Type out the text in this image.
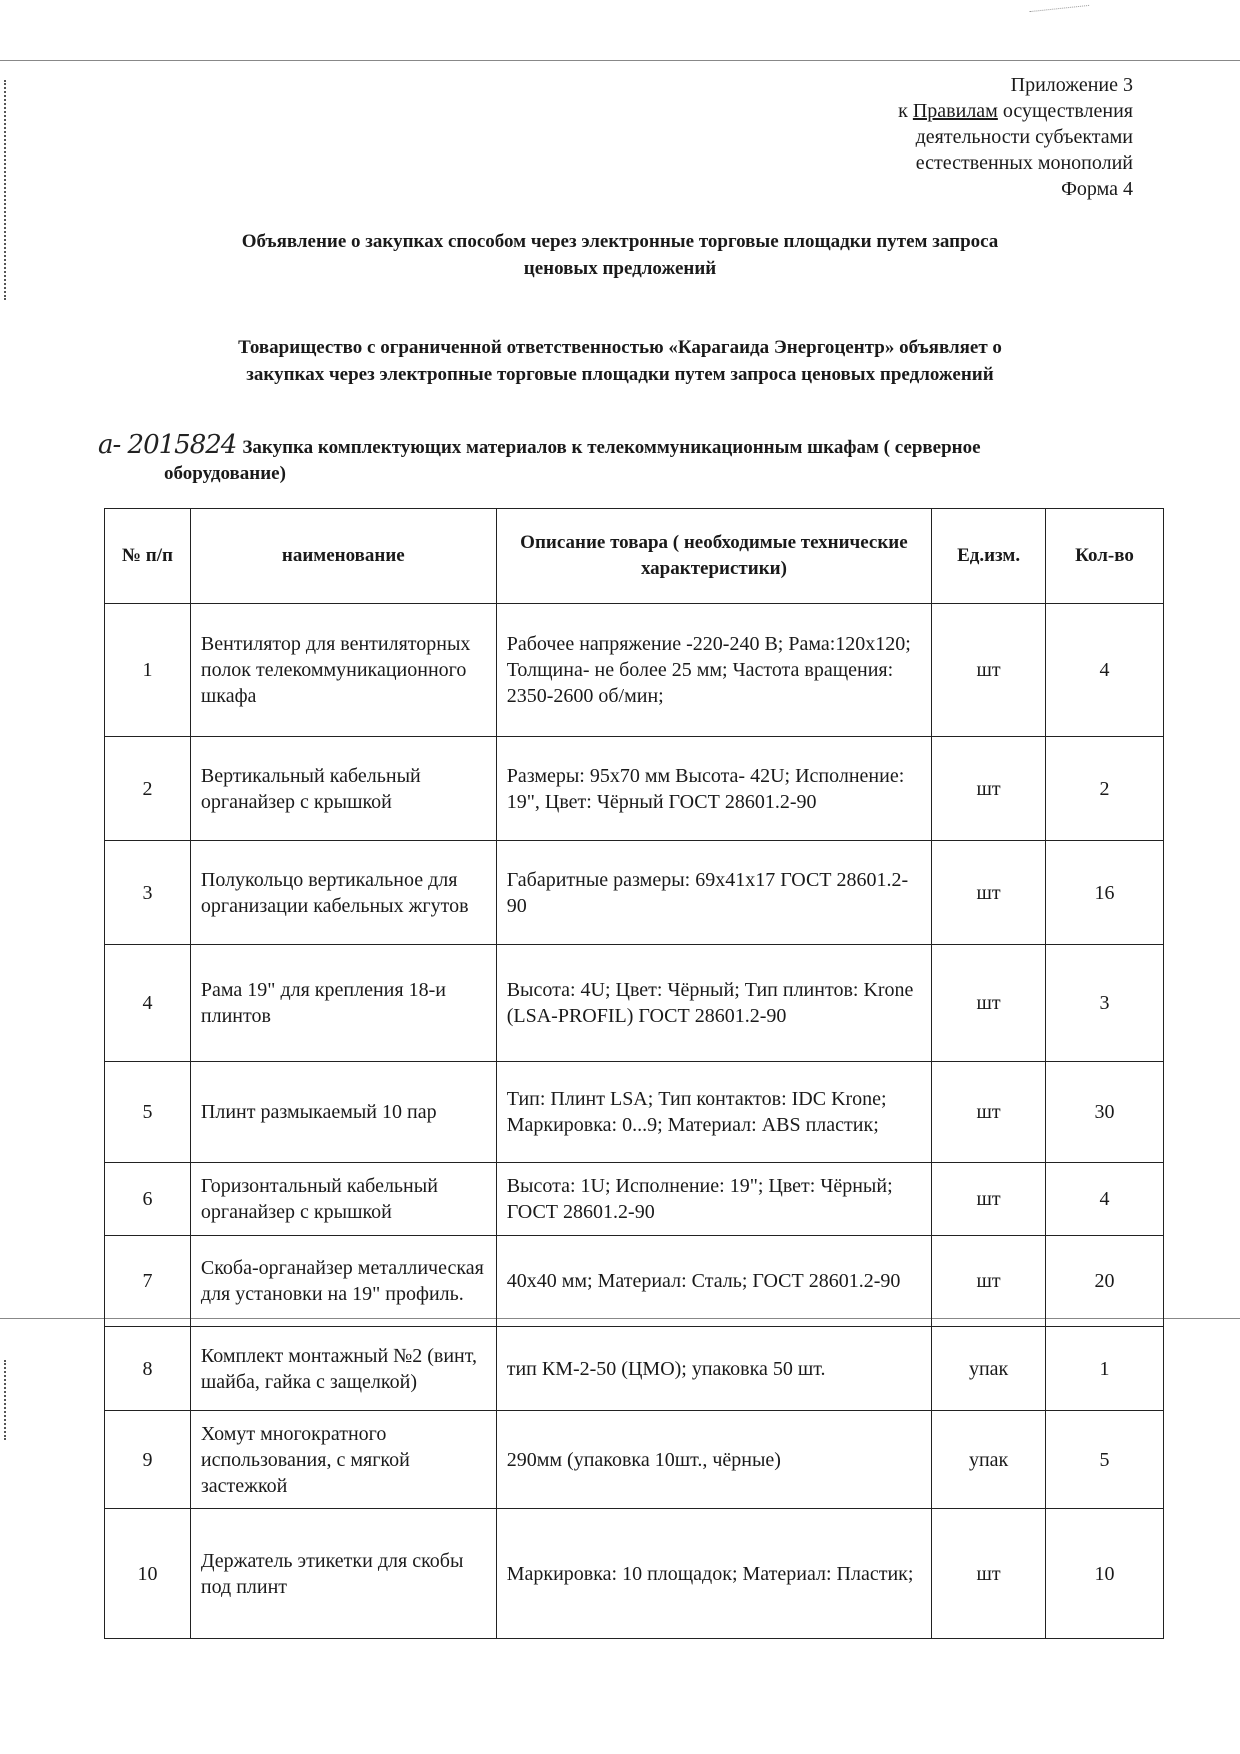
Приложение 3
к Правилам осуществления
деятельности субъектами
естественных монополий
Форма 4
Объявление о закупках способом через электронные торговые площадки путем запроса
ценовых предложений
Товарищество с ограниченной ответственностью «Карагаида Энергоцентр» объявляет о
закупках через электропные торговые площадки путем запроса ценовых предложений
а- 2015824 Закупка комплектующих материалов к телекоммуникационным шкафам ( серверное
оборудование)
№ п/п	наименование	Описание товара ( необходимые технические характеристики)	Ед.изм.	Кол-во
1	Вентилятор для вентиляторных полок телекоммуникационного шкафа	Рабочее напряжение -220-240 В; Рама:120х120; Толщина- не более 25 мм; Частота вращения: 2350-2600 об/мин;	шт	4
2	Вертикальный кабельный органайзер с крышкой	Размеры: 95х70 мм Высота- 42U; Исполнение: 19", Цвет: Чёрный ГОСТ 28601.2-90	шт	2
3	Полукольцо вертикальное для организации кабельных жгутов	Габаритные размеры: 69х41х17 ГОСТ 28601.2-90	шт	16
4	Рама 19" для крепления 18-и плинтов	Высота: 4U; Цвет: Чёрный; Тип плинтов: Krone (LSA-PROFIL) ГОСТ 28601.2-90	шт	3
5	Плинт размыкаемый 10 пар	Тип: Плинт LSA; Тип контактов: IDC Krone; Маркировка: 0...9; Материал: ABS пластик;	шт	30
6	Горизонтальный кабельный органайзер с крышкой	Высота: 1U; Исполнение: 19"; Цвет: Чёрный; ГОСТ 28601.2-90	шт	4
7	Скоба-органайзер металлическая для установки на 19" профиль.	40х40 мм; Материал: Сталь; ГОСТ 28601.2-90	шт	20
8	Комплект монтажный №2 (винт, шайба, гайка с защелкой)	тип КМ-2-50 (ЦМО); упаковка 50 шт.	упак	1
9	Хомут многократного использования, с мягкой застежкой	290мм (упаковка 10шт., чёрные)	упак	5
10	Держатель этикетки для скобы под плинт	Маркировка: 10 площадок; Материал: Пластик;	шт	10
